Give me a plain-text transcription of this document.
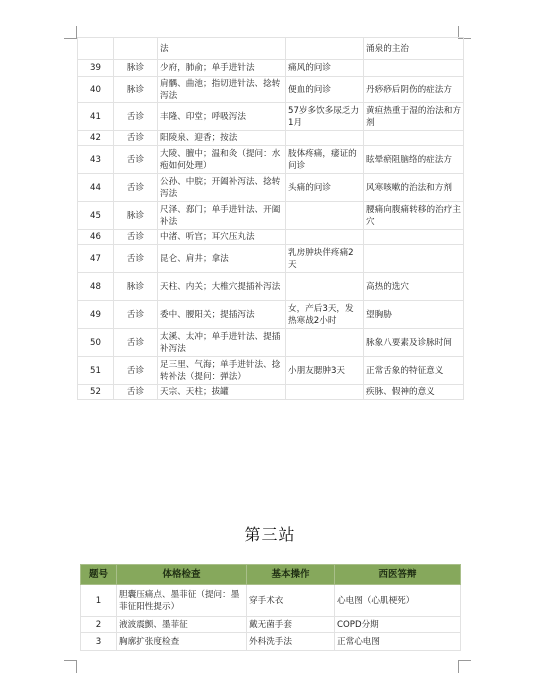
		法		涌泉的主治
39	脉诊	少府，肺俞；单手进针法	痛风的问诊	
40	脉诊	肩髃、曲池；指切进针法、捻转泻法	便血的问诊	丹痧痧后阴伤的症法方
41	舌诊	丰隆、印堂；呼吸泻法	57岁多饮多尿乏力1月	黄疸热重于湿的治法和方剂
42	舌诊	阳陵泉、迎香；按法		
43	舌诊	大陵、膻中；温和灸（提问：水疱如何处理）	肢体疼痛，痿证的问诊	眩晕瘀阻脑络的症法方
44	舌诊	公孙、中脘；开阖补泻法、捻转泻法	头痛的问诊	风寒咳嗽的治法和方剂
45	脉诊	尺泽、郄门；单手进针法、开阖补法		腰痛向腹痛转移的治疗主穴
46	舌诊	中渚、听宫；耳穴压丸法		
47	舌诊	昆仑、肩井；拿法	乳房肿块伴疼痛2天	
48	脉诊	天柱、内关；大椎穴提插补泻法		高热的选穴
49	舌诊	委中、腰阳关；提插泻法	女，产后3天，发热寒战2小时	望胸胁
50	舌诊	太溪、太冲；单手进针法、提插补泻法		脉象八要素及诊脉时间
51	舌诊	足三里、气海；单手进针法、捻转补法（提问：弹法）	小朋友腮肿3天	正常舌象的特征意义
52	舌诊	天宗、天柱；拔罐		疾脉、假神的意义
第三站
题号	体格检查	基本操作	西医答辩
1	胆囊压痛点、墨菲征（提问：墨菲征阳性提示）	穿手术衣	心电图（心肌梗死）
2	液波震颤、墨菲征	戴无菌手套	COPD分期
3	胸廓扩张度检查	外科洗手法	正常心电图
